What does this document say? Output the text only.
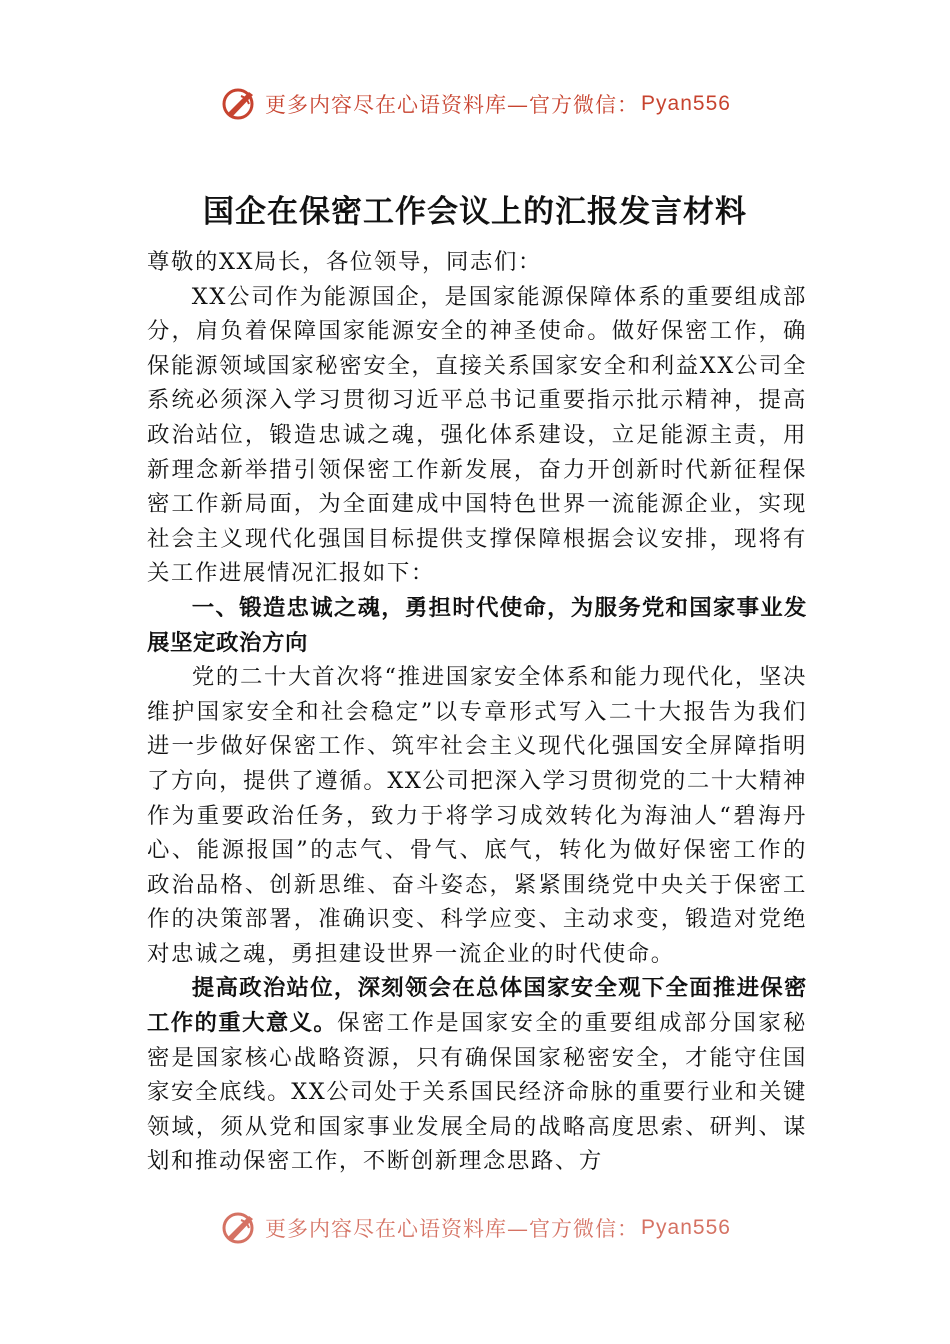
更多内容尽在心语资料库—官方微信： Pyan556
国企在保密工作会议上的汇报发言材料

尊敬的XX局长，各位领导，同志们：

XX公司作为能源国企，是国家能源保障体系的重要组成部分，肩负着保障国家能源安全的神圣使命。做好保密工作，确保能源领域国家秘密安全，直接关系国家安全和利益XX公司全系统必须深入学习贯彻习近平总书记重要指示批示精神，提高政治站位，锻造忠诚之魂，强化体系建设，立足能源主责，用新理念新举措引领保密工作新发展，奋力开创新时代新征程保密工作新局面，为全面建成中国特色世界一流能源企业，实现社会主义现代化强国目标提供支撑保障根据会议安排，现将有关工作进展情况汇报如下：

一、锻造忠诚之魂，勇担时代使命，为服务党和国家事业发展坚定政治方向

党的二十大首次将“推进国家安全体系和能力现代化，坚决维护国家安全和社会稳定”以专章形式写入二十大报告为我们进一步做好保密工作、筑牢社会主义现代化强国安全屏障指明了方向，提供了遵循。XX公司把深入学习贯彻党的二十大精神作为重要政治任务，致力于将学习成效转化为海油人“碧海丹心、能源报国”的志气、骨气、底气，转化为做好保密工作的政治品格、创新思维、奋斗姿态，紧紧围绕党中央关于保密工作的决策部署，准确识变、科学应变、主动求变，锻造对党绝对忠诚之魂，勇担建设世界一流企业的时代使命。

提高政治站位，深刻领会在总体国家安全观下全面推进保密工作的重大意义。保密工作是国家安全的重要组成部分国家秘密是国家核心战略资源，只有确保国家秘密安全，才能守住国家安全底线。XX公司处于关系国民经济命脉的重要行业和关键领域，须从党和国家事业发展全局的战略高度思索、研判、谋划和推动保密工作，不断创新理念思路、方

更多内容尽在心语资料库—官方微信： Pyan556
